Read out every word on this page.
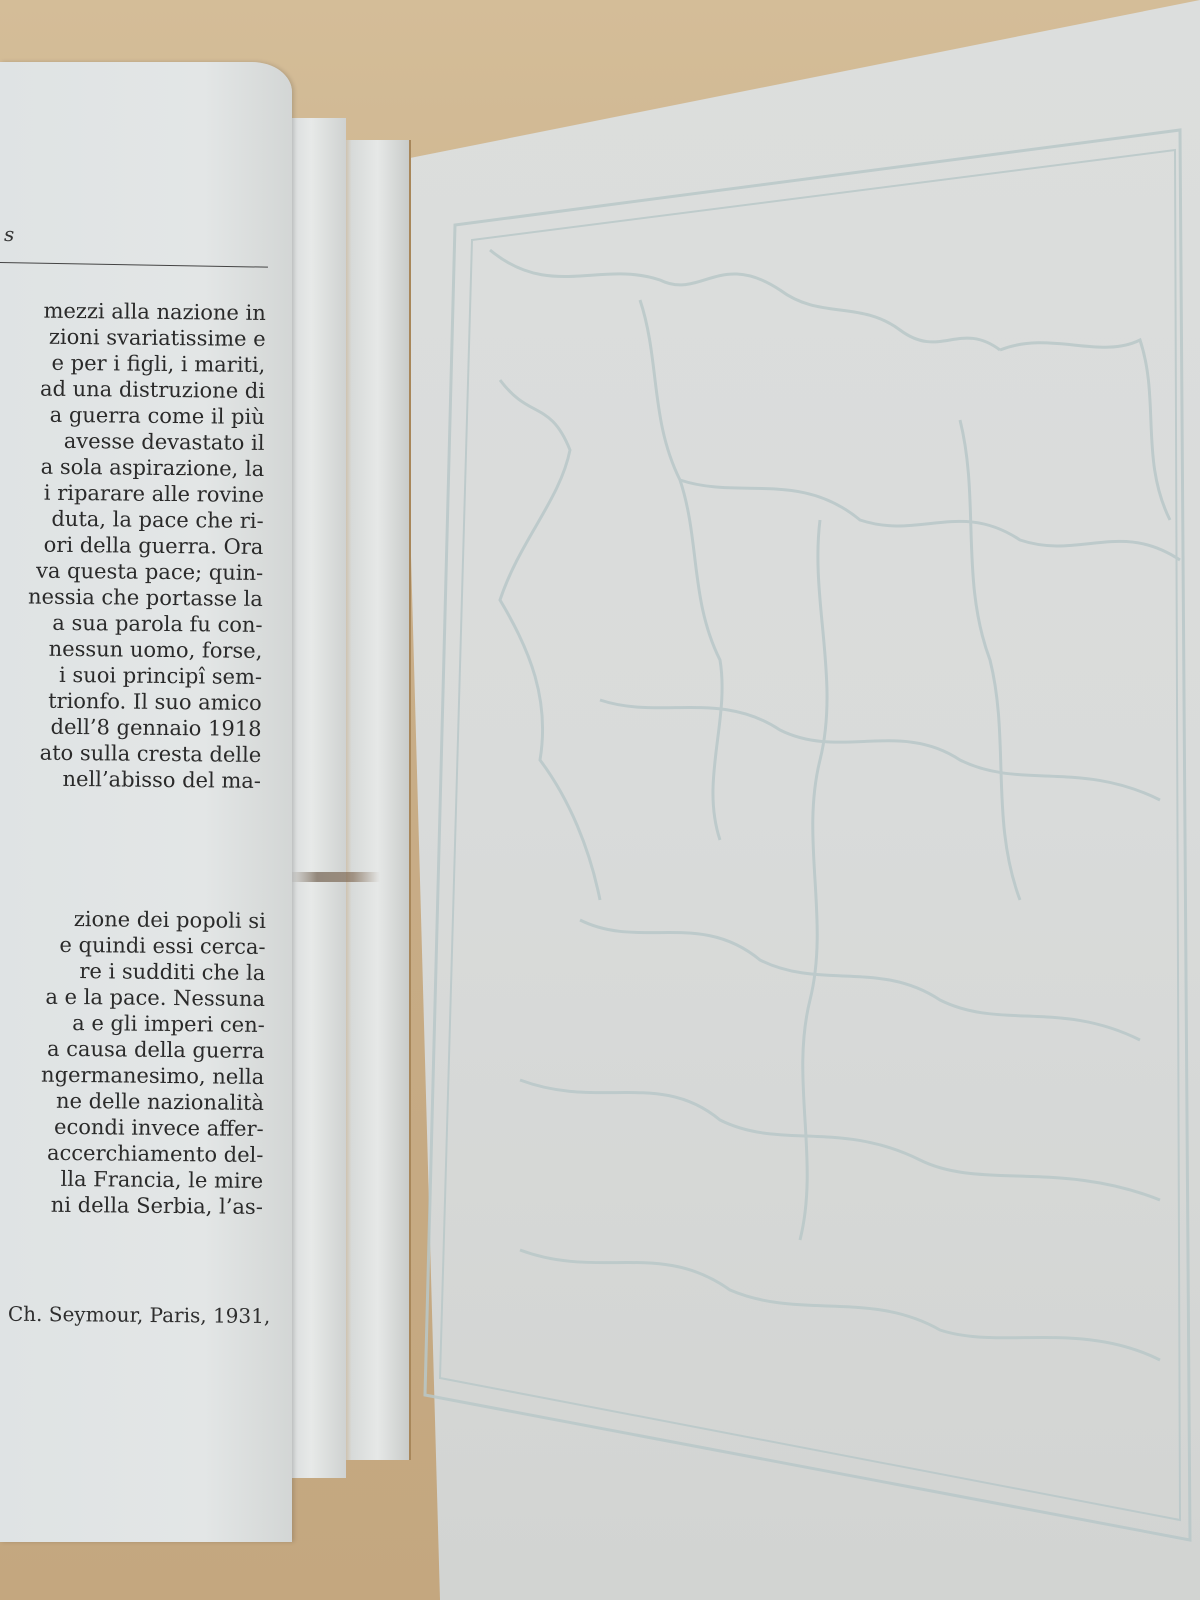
s
mezzi alla nazione in
zioni svariatissime e
e per i figli, i mariti,
ad una distruzione di
a guerra come il più
avesse devastato il
a sola aspirazione, la
i riparare alle rovine
duta, la pace che ri-
ori della guerra. Ora
va questa pace; quin-
nessia che portasse la
a sua parola fu con-
nessun uomo, forse,
i suoi principî sem-
trionfo. Il suo amico
dell’8 gennaio 1918
ato sulla cresta delle
nell’abisso del ma-
zione dei popoli si
e quindi essi cerca-
re i sudditi che la
a e la pace. Nessuna
a e gli imperi cen-
a causa della guerra
ngermanesimo, nella
ne delle nazionalità
econdi invece affer-
accerchiamento del-
lla Francia, le mire
ni della Serbia, l’as-
Ch. Seymour, Paris, 1931,
